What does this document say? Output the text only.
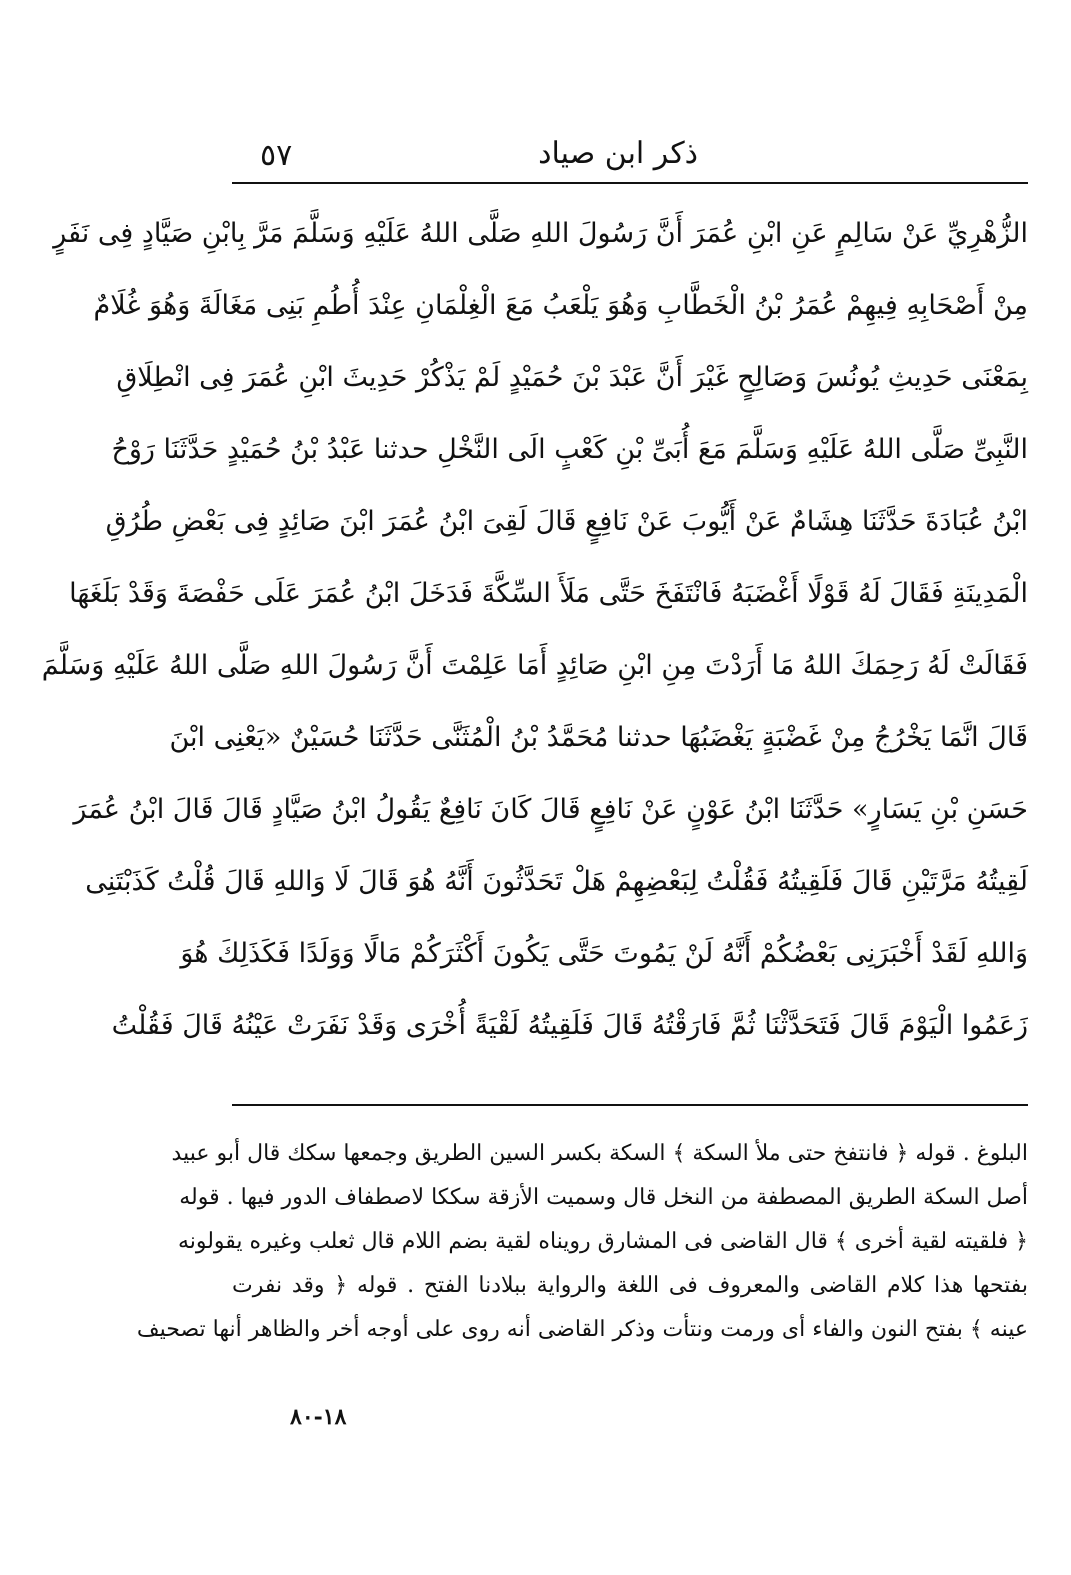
ذكر ابن صياد
٥٧
الزُّهْرِيِّ عَنْ سَالِمٍ عَنِ ابْنِ عُمَرَ أَنَّ رَسُولَ اللهِ صَلَّى اللهُ عَلَيْهِ وَسَلَّمَ مَرَّ بِابْنِ صَيَّادٍ فِى نَفَرٍ
مِنْ أَصْحَابِهِ فِيهِمْ عُمَرُ بْنُ الْخَطَّابِ وَهُوَ يَلْعَبُ مَعَ الْغِلْمَانِ عِنْدَ أُطُمِ بَنِى مَغَالَةَ وَهُوَ غُلَامٌ
بِمَعْنَى حَدِيثِ يُونُسَ وَصَالِحٍ غَيْرَ أَنَّ عَبْدَ بْنَ حُمَيْدٍ لَمْ يَذْكُرْ حَدِيثَ ابْنِ عُمَرَ فِى انْطِلَاقِ
النَّبِىِّ صَلَّى اللهُ عَلَيْهِ وَسَلَّمَ مَعَ أُبَىِّ بْنِ كَعْبٍ الَى النَّخْلِ حدثنا عَبْدُ بْنُ حُمَيْدٍ حَدَّثَنَا رَوْحُ
ابْنُ عُبَادَةَ حَدَّثَنَا هِشَامٌ عَنْ أَيُّوبَ عَنْ نَافِعٍ قَالَ لَقِىَ ابْنُ عُمَرَ ابْنَ صَائِدٍ فِى بَعْضِ طُرُقِ
الْمَدِينَةِ فَقَالَ لَهُ قَوْلًا أَغْضَبَهُ فَانْتَفَخَ حَتَّى مَلَأَ السِّكَّةَ فَدَخَلَ ابْنُ عُمَرَ عَلَى حَفْصَةَ وَقَدْ بَلَغَهَا
فَقَالَتْ لَهُ رَحِمَكَ اللهُ مَا أَرَدْتَ مِنِ ابْنِ صَائِدٍ أَمَا عَلِمْتَ أَنَّ رَسُولَ اللهِ صَلَّى اللهُ عَلَيْهِ وَسَلَّمَ
قَالَ انَّمَا يَخْرُجُ مِنْ غَضْبَةٍ يَغْضَبُهَا حدثنا مُحَمَّدُ بْنُ الْمُثَنَّى حَدَّثَنَا حُسَيْنٌ «يَعْنِى ابْنَ
حَسَنِ بْنِ يَسَارٍ» حَدَّثَنَا ابْنُ عَوْنٍ عَنْ نَافِعٍ قَالَ كَانَ نَافِعٌ يَقُولُ ابْنُ صَيَّادٍ قَالَ قَالَ ابْنُ عُمَرَ
لَقِيتُهُ مَرَّتَيْنِ قَالَ فَلَقِيتُهُ فَقُلْتُ لِبَعْضِهِمْ هَلْ تَحَدَّثُونَ أَنَّهُ هُوَ قَالَ لَا وَاللهِ قَالَ قُلْتُ كَذَبْتَنِى
وَاللهِ لَقَدْ أَخْبَرَنِى بَعْضُكُمْ أَنَّهُ لَنْ يَمُوتَ حَتَّى يَكُونَ أَكْثَرَكُمْ مَالًا وَوَلَدًا فَكَذَلِكَ هُوَ
زَعَمُوا الْيَوْمَ قَالَ فَتَحَدَّثْنَا ثُمَّ فَارَقْتُهُ قَالَ فَلَقِيتُهُ لَقْيَةً أُخْرَى وَقَدْ نَفَرَتْ عَيْنُهُ قَالَ فَقُلْتُ
البلوغ . قوله ﴿ فانتفخ حتى ملأ السكة ﴾ السكة بكسر السين الطريق وجمعها سكك قال أبو عبيد
أصل السكة الطريق المصطفة من النخل قال وسميت الأزقة سككا لاصطفاف الدور فيها . قوله
﴿ فلقيته لقية أخرى ﴾ قال القاضى فى المشارق رويناه لقية بضم اللام قال ثعلب وغيره يقولونه
بفتحها هذا كلام القاضى والمعروف فى اللغة والرواية ببلادنا الفتح . قوله ﴿ وقد نفرت
عينه ﴾ بفتح النون والفاء أى ورمت ونتأت وذكر القاضى أنه روى على أوجه أخر والظاهر أنها تصحيف
١٨-٨٠
